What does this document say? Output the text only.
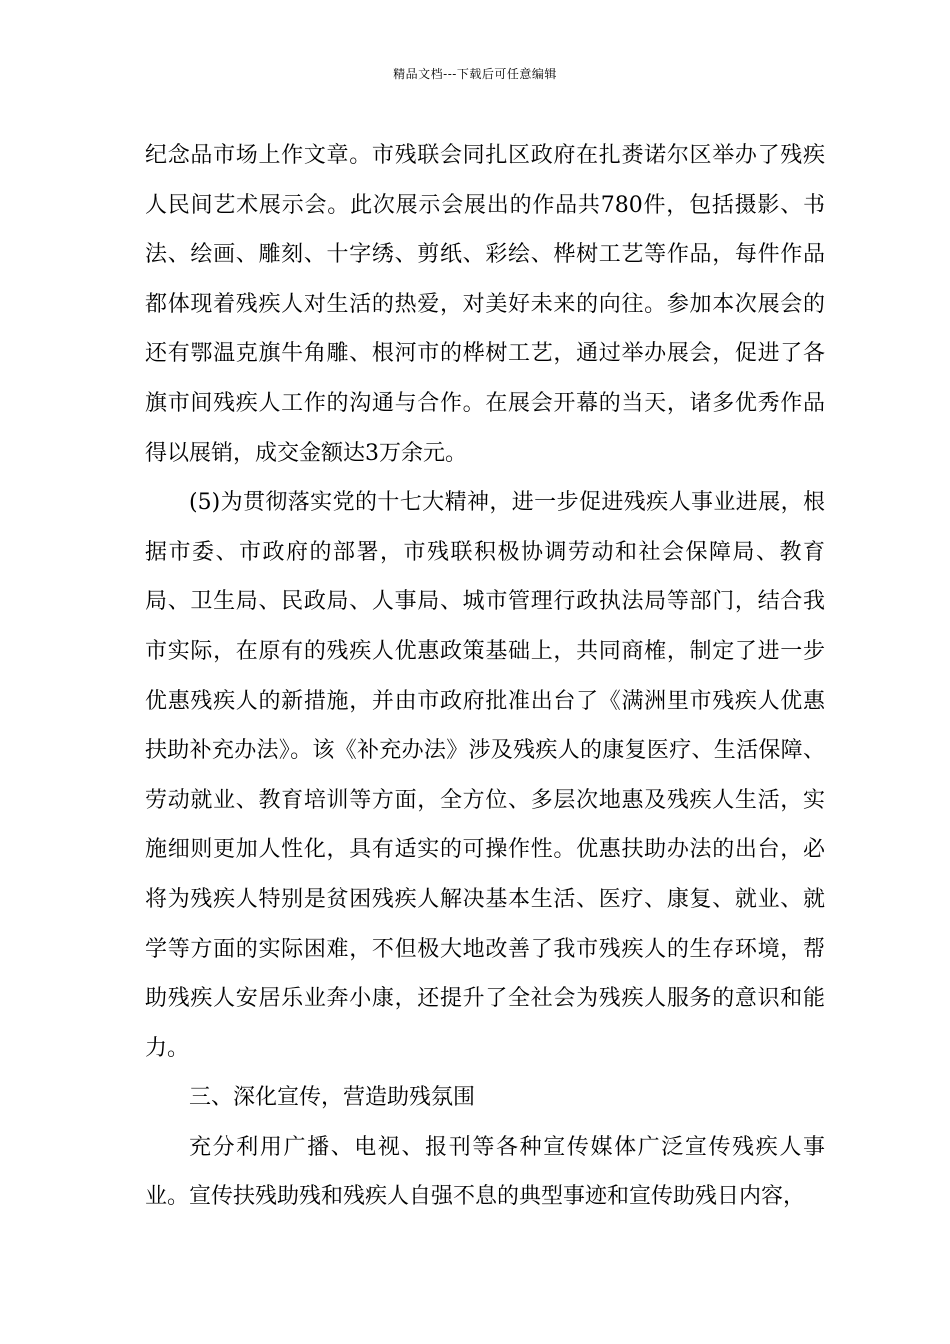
精品文档---下载后可任意编辑

纪念品市场上作文章。市残联会同扎区政府在扎赉诺尔区举办了残疾人民间艺术展示会。此次展示会展出的作品共780件，包括摄影、书法、绘画、雕刻、十字绣、剪纸、彩绘、桦树工艺等作品，每件作品都体现着残疾人对生活的热爱，对美好未来的向往。参加本次展会的还有鄂温克旗牛角雕、根河市的桦树工艺，通过举办展会，促进了各旗市间残疾人工作的沟通与合作。在展会开幕的当天，诸多优秀作品得以展销，成交金额达3万余元。

(5)为贯彻落实党的十七大精神，进一步促进残疾人事业进展，根据市委、市政府的部署，市残联积极协调劳动和社会保障局、教育局、卫生局、民政局、人事局、城市管理行政执法局等部门，结合我市实际，在原有的残疾人优惠政策基础上，共同商榷，制定了进一步优惠残疾人的新措施，并由市政府批准出台了《满洲里市残疾人优惠扶助补充办法》。该《补充办法》涉及残疾人的康复医疗、生活保障、劳动就业、教育培训等方面，全方位、多层次地惠及残疾人生活，实施细则更加人性化，具有适实的可操作性。优惠扶助办法的出台，必将为残疾人特别是贫困残疾人解决基本生活、医疗、康复、就业、就学等方面的实际困难，不但极大地改善了我市残疾人的生存环境，帮助残疾人安居乐业奔小康，还提升了全社会为残疾人服务的意识和能力。

三、深化宣传，营造助残氛围

充分利用广播、电视、报刊等各种宣传媒体广泛宣传残疾人事业。宣传扶残助残和残疾人自强不息的典型事迹和宣传助残日内容，
